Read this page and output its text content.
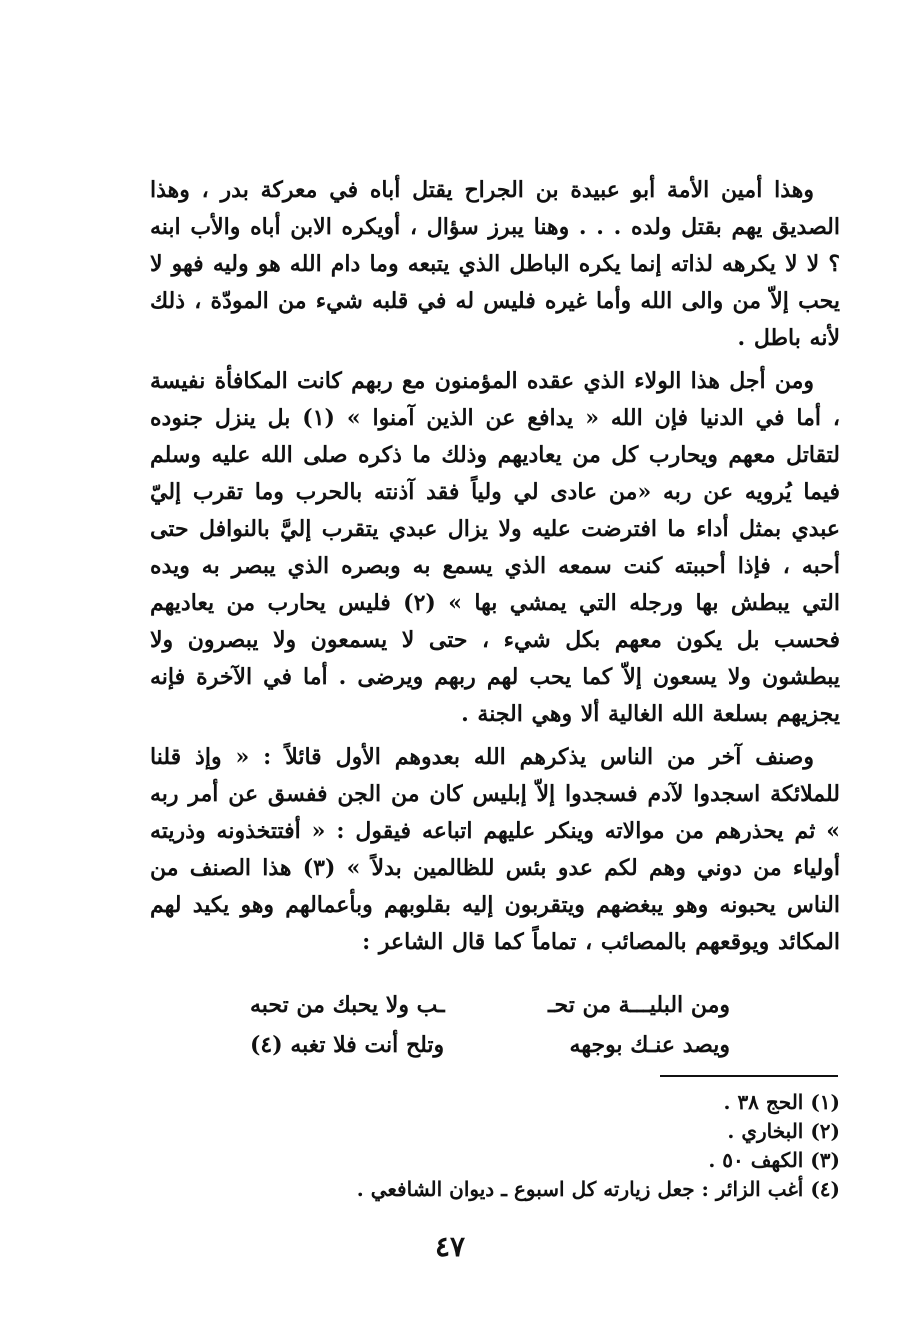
وهذا أمين الأمة أبو عبيدة بن الجراح يقتل أباه في معركة بدر ، وهذا الصديق يهم بقتل ولده . . . وهنا يبرز سؤال ، أويكره الابن أباه والأب ابنه ؟ لا لا يكرهه لذاته إنما يكره الباطل الذي يتبعه وما دام الله هو وليه فهو لا يحب إلاّ من والى الله وأما غيره فليس له في قلبه شيء من المودّة ، ذلك لأنه باطل .

ومن أجل هذا الولاء الذي عقده المؤمنون مع ربهم كانت المكافأة نفيسة ، أما في الدنيا فإن الله « يدافع عن الذين آمنوا » (١) بل ينزل جنوده لتقاتل معهم ويحارب كل من يعاديهم وذلك ما ذكره صلى الله عليه وسلم فيما يُرويه عن ربه «من عادى لي ولياً فقد آذنته بالحرب وما تقرب إليّ عبدي بمثل أداء ما افترضت عليه ولا يزال عبدي يتقرب إليَّ بالنوافل حتى أحبه ، فإذا أحببته كنت سمعه الذي يسمع به وبصره الذي يبصر به ويده التي يبطش بها ورجله التي يمشي بها » (٢) فليس يحارب من يعاديهم فحسب بل يكون معهم بكل شيء ، حتى لا يسمعون ولا يبصرون ولا يبطشون ولا يسعون إلاّ كما يحب لهم ربهم ويرضى . أما في الآخرة فإنه يجزيهم بسلعة الله الغالية ألا وهي الجنة .

وصنف آخر من الناس يذكرهم الله بعدوهم الأول قائلاً : « وإذ قلنا للملائكة اسجدوا لآدم فسجدوا إلاّ إبليس كان من الجن ففسق عن أمر ربه » ثم يحذرهم من موالاته وينكر عليهم اتباعه فيقول : « أفتتخذونه وذريته أولياء من دوني وهم لكم عدو بئس للظالمين بدلاً » (٣) هذا الصنف من الناس يحبونه وهو يبغضهم ويتقربون إليه بقلوبهم وبأعمالهم وهو يكيد لهم المكائد ويوقعهم بالمصائب ، تماماً كما قال الشاعر :

ومن البليـــة من تحـ
ـب ولا يحبك من تحبه
ويصد عنـك بوجهه
وتلح أنت فلا تغبه (٤)
(١) الحج ٣٨ .
(٢) البخاري .
(٣) الكهف ٥٠ .
(٤) أغب الزائر : جعل زيارته كل اسبوع ـ ديوان الشافعي .
٤٧
